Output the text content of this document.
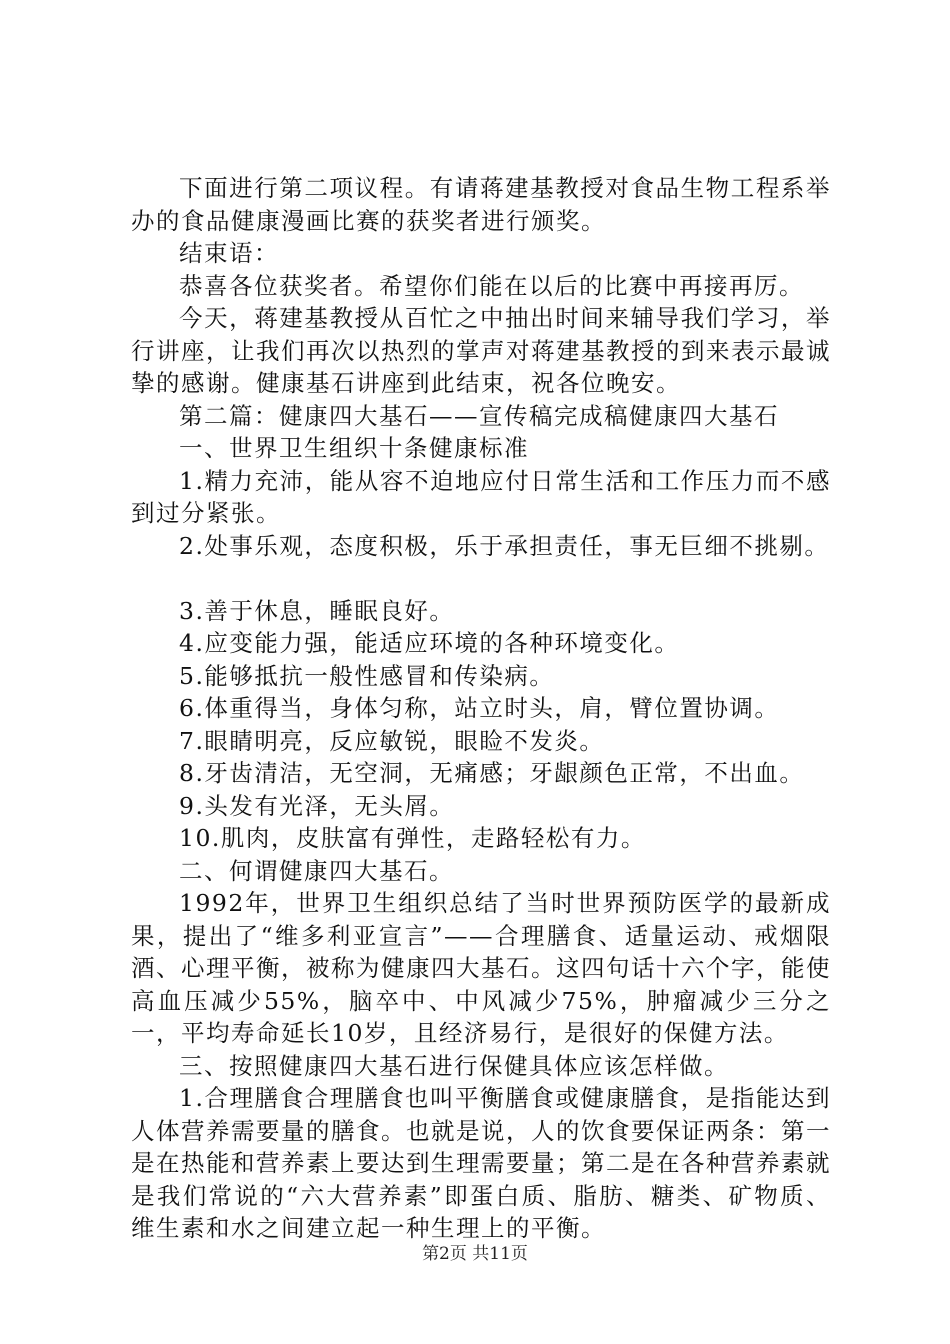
下面进行第二项议程。有请蒋建基教授对食品生物工程系举办的食品健康漫画比赛的获奖者进行颁奖。

结束语：

恭喜各位获奖者。希望你们能在以后的比赛中再接再厉。

今天，蒋建基教授从百忙之中抽出时间来辅导我们学习，举行讲座，让我们再次以热烈的掌声对蒋建基教授的到来表示最诚挚的感谢。健康基石讲座到此结束，祝各位晚安。

第二篇：健康四大基石——宣传稿完成稿健康四大基石

一、世界卫生组织十条健康标准

1.精力充沛，能从容不迫地应付日常生活和工作压力而不感到过分紧张。

2.处事乐观，态度积极，乐于承担责任，事无巨细不挑剔。

3.善于休息，睡眠良好。

4.应变能力强，能适应环境的各种环境变化。

5.能够抵抗一般性感冒和传染病。

6.体重得当，身体匀称，站立时头，肩，臂位置协调。

7.眼睛明亮，反应敏锐，眼睑不发炎。

8.牙齿清洁，无空洞，无痛感；牙龈颜色正常，不出血。

9.头发有光泽，无头屑。

10.肌肉，皮肤富有弹性，走路轻松有力。

二、何谓健康四大基石。

1992年，世界卫生组织总结了当时世界预防医学的最新成果，提出了“维多利亚宣言”——合理膳食、适量运动、戒烟限酒、心理平衡，被称为健康四大基石。这四句话十六个字，能使高血压减少55%，脑卒中、中风减少75%，肿瘤减少三分之一，平均寿命延长10岁，且经济易行，是很好的保健方法。

三、按照健康四大基石进行保健具体应该怎样做。

1.合理膳食合理膳食也叫平衡膳食或健康膳食，是指能达到人体营养需要量的膳食。也就是说，人的饮食要保证两条：第一是在热能和营养素上要达到生理需要量；第二是在各种营养素就是我们常说的“六大营养素”即蛋白质、脂肪、糖类、矿物质、维生素和水之间建立起一种生理上的平衡。

第2页 共11页
